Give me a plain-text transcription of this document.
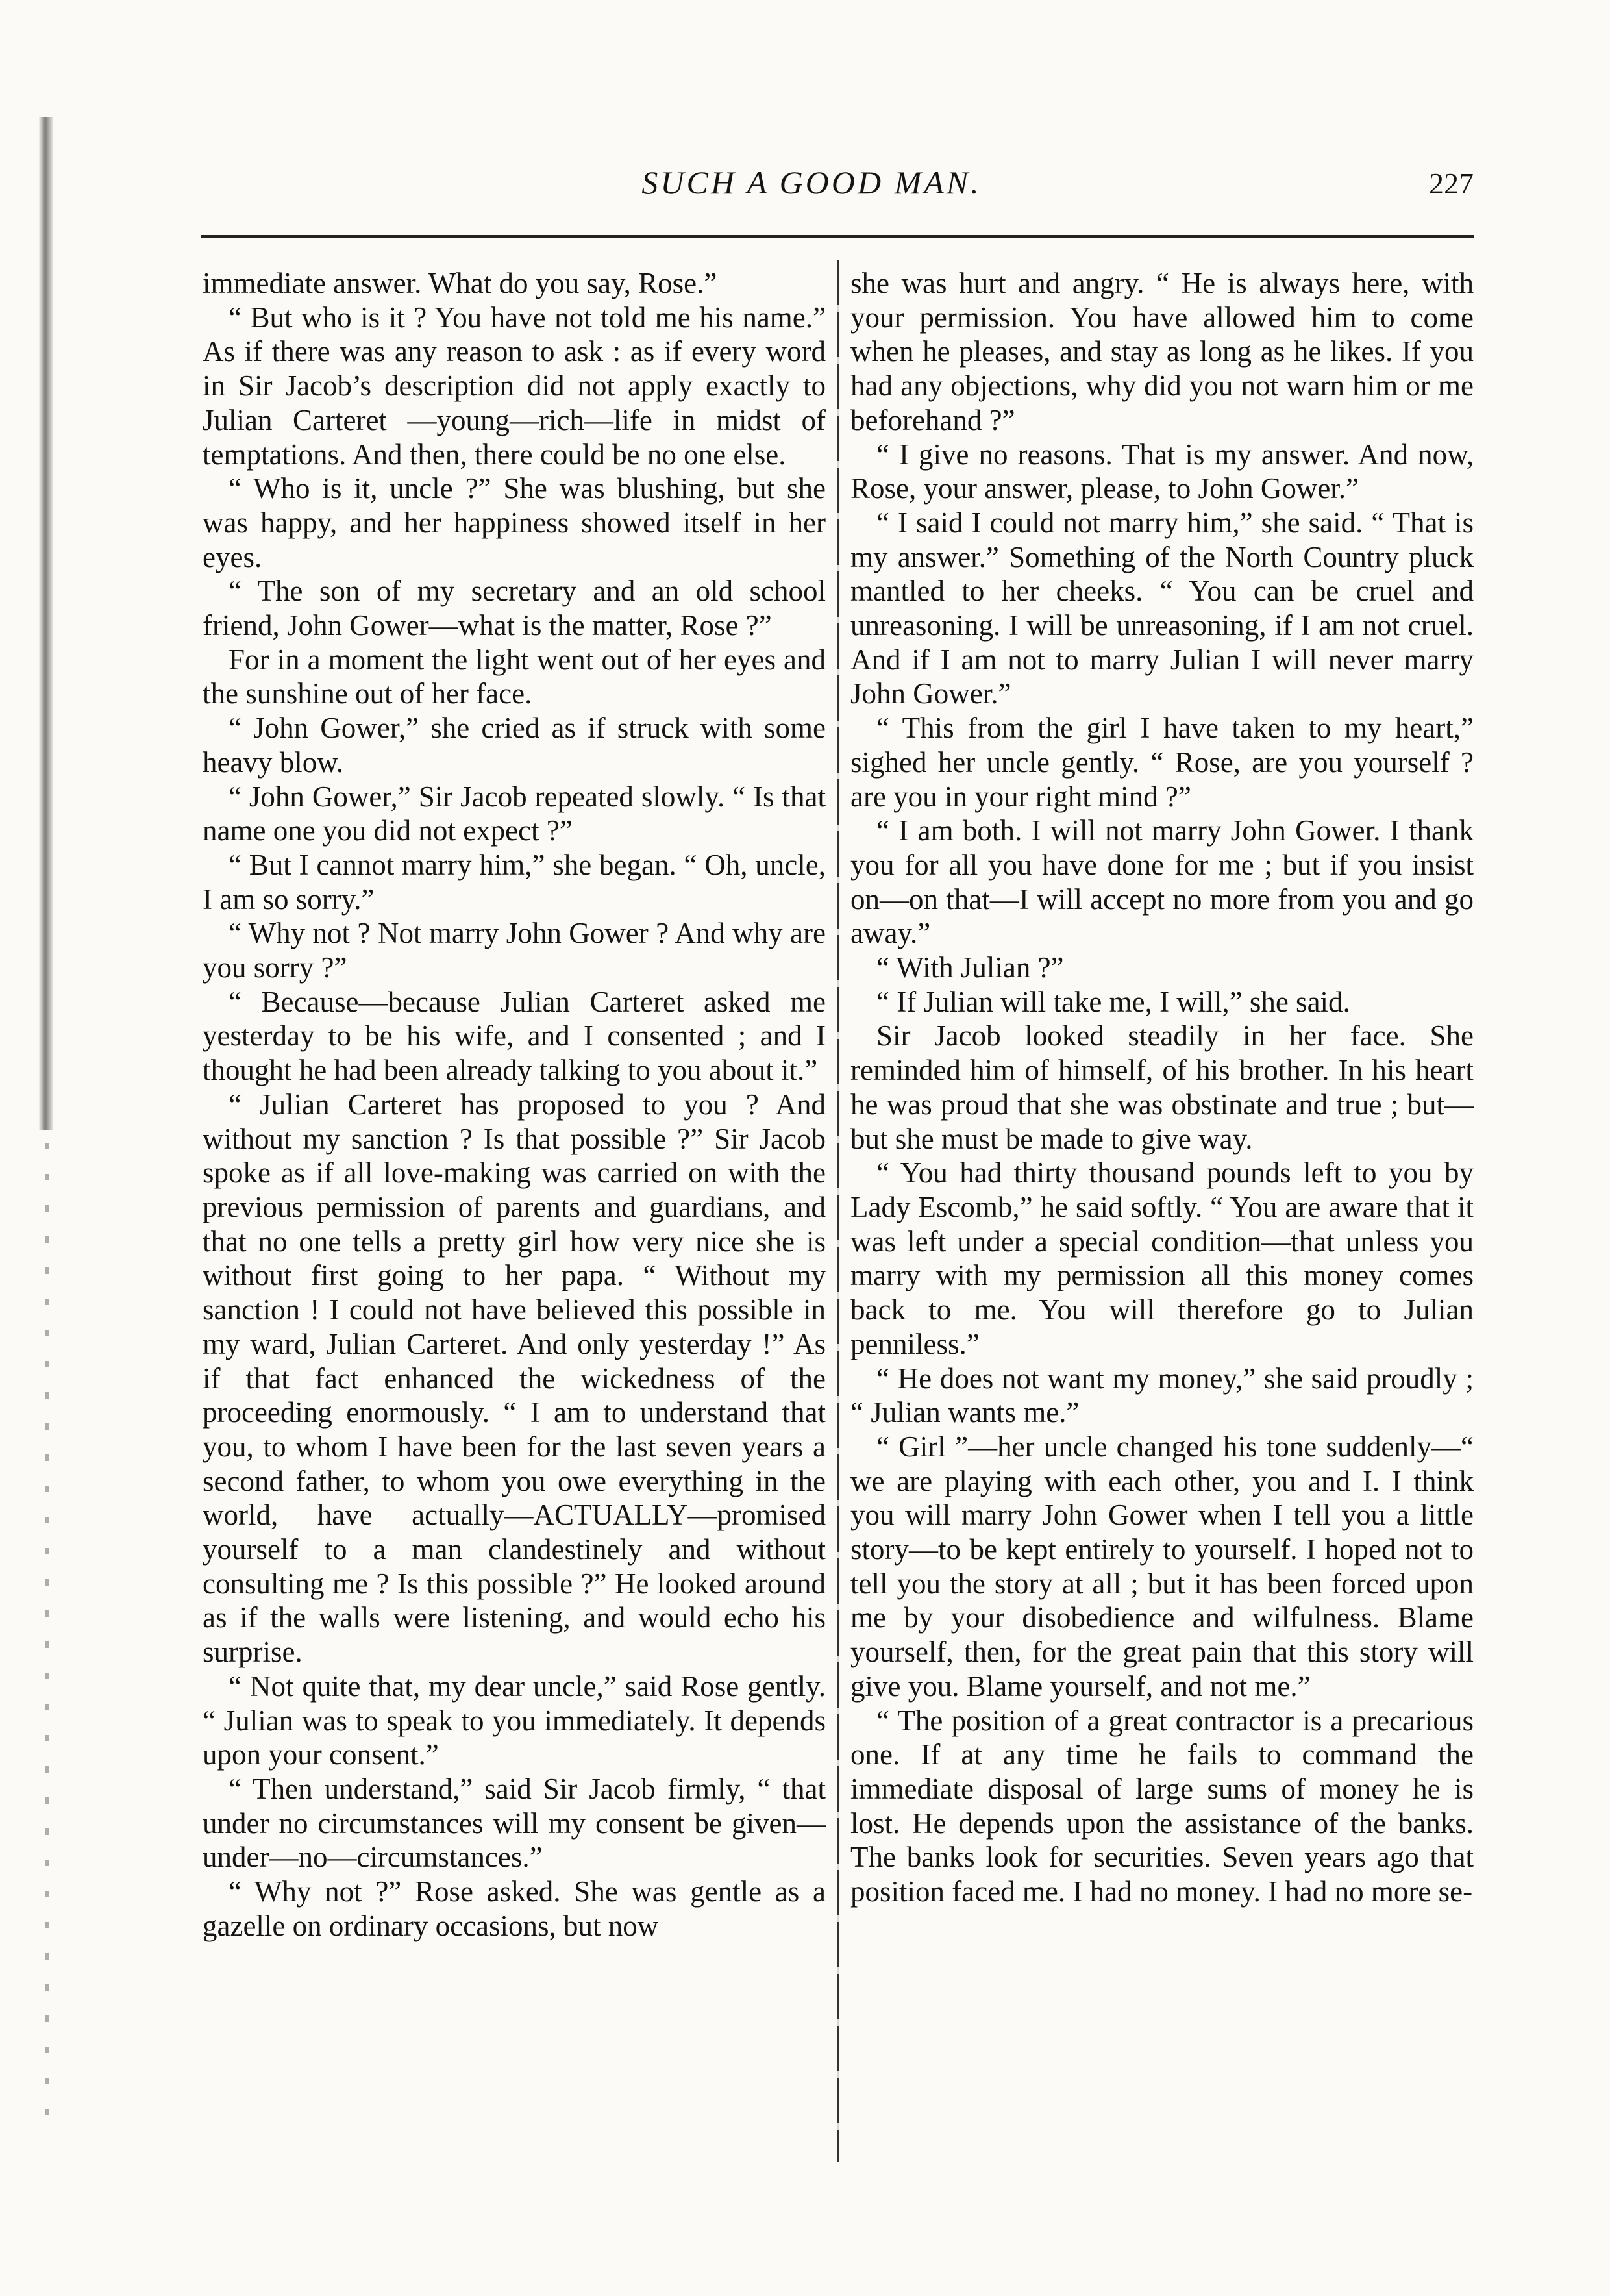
SUCH A GOOD MAN.	227

immediate answer. What do you say, Rose.”

“ But who is it ? You have not told me his name.” As if there was any reason to ask : as if every word in Sir Jacob’s description did not apply exactly to Julian Carteret —young—rich—life in midst of temptations. And then, there could be no one else.

“ Who is it, uncle ?” She was blushing, but she was happy, and her happiness showed itself in her eyes.

“ The son of my secretary and an old school friend, John Gower—what is the matter, Rose ?”

For in a moment the light went out of her eyes and the sunshine out of her face.

“ John Gower,” she cried as if struck with some heavy blow.

“ John Gower,” Sir Jacob repeated slowly. “ Is that name one you did not expect ?”

“ But I cannot marry him,” she began. “ Oh, uncle, I am so sorry.”

“ Why not ? Not marry John Gower ? And why are you sorry ?”

“ Because—because Julian Carteret asked me yesterday to be his wife, and I consented ; and I thought he had been already talking to you about it.”

“ Julian Carteret has proposed to you ? And without my sanction ? Is that possible ?” Sir Jacob spoke as if all love-making was carried on with the previous permission of parents and guardians, and that no one tells a pretty girl how very nice she is without first going to her papa. “ Without my sanction ! I could not have believed this possible in my ward, Julian Carteret. And only yesterday !” As if that fact enhanced the wickedness of the proceeding enormously. “ I am to understand that you, to whom I have been for the last seven years a second father, to whom you owe everything in the world, have actually—ACTUALLY—promised yourself to a man clandestinely and without consulting me ? Is this possible ?” He looked around as if the walls were listening, and would echo his surprise.

“ Not quite that, my dear uncle,” said Rose gently. “ Julian was to speak to you immediately. It depends upon your consent.”

“ Then understand,” said Sir Jacob firmly, “ that under no circumstances will my consent be given—under—no—circumstances.”

“ Why not ?” Rose asked. She was gentle as a gazelle on ordinary occasions, but now

she was hurt and angry. “ He is always here, with your permission. You have allowed him to come when he pleases, and stay as long as he likes. If you had any objections, why did you not warn him or me beforehand ?”

“ I give no reasons. That is my answer. And now, Rose, your answer, please, to John Gower.”

“ I said I could not marry him,” she said. “ That is my answer.” Something of the North Country pluck mantled to her cheeks. “ You can be cruel and unreasoning. I will be unreasoning, if I am not cruel. And if I am not to marry Julian I will never marry John Gower.”

“ This from the girl I have taken to my heart,” sighed her uncle gently. “ Rose, are you yourself ? are you in your right mind ?”

“ I am both. I will not marry John Gower. I thank you for all you have done for me ; but if you insist on—on that—I will accept no more from you and go away.”

“ With Julian ?”

“ If Julian will take me, I will,” she said.

Sir Jacob looked steadily in her face. She reminded him of himself, of his brother. In his heart he was proud that she was obstinate and true ; but—but she must be made to give way.

“ You had thirty thousand pounds left to you by Lady Escomb,” he said softly. “ You are aware that it was left under a special condition—that unless you marry with my permission all this money comes back to me. You will therefore go to Julian penniless.”

“ He does not want my money,” she said proudly ; “ Julian wants me.”

“ Girl ”—her uncle changed his tone suddenly—“ we are playing with each other, you and I. I think you will marry John Gower when I tell you a little story—to be kept entirely to yourself. I hoped not to tell you the story at all ; but it has been forced upon me by your disobedience and wilfulness. Blame yourself, then, for the great pain that this story will give you. Blame yourself, and not me.”

“ The position of a great contractor is a precarious one. If at any time he fails to command the immediate disposal of large sums of money he is lost. He depends upon the assistance of the banks. The banks look for securities. Seven years ago that position faced me. I had no money. I had no more se-
